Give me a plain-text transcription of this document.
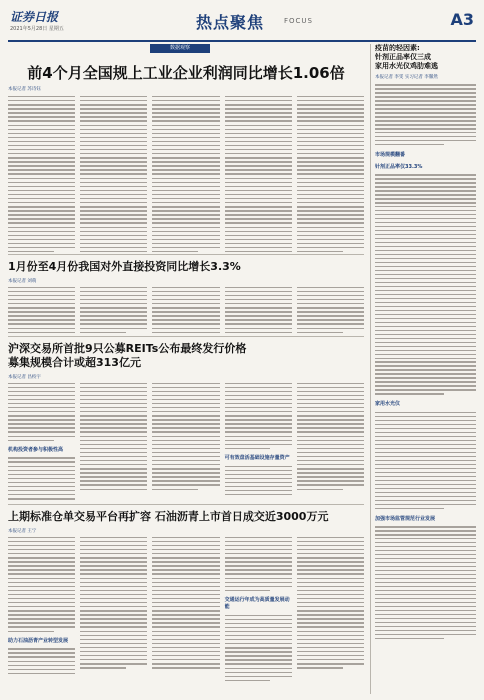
证券日报
2021年5月28日 星期五	热点聚焦	FOCUS	A3
数据观察
前4个月全国规上工业企业利润同比增长1.06倍
本报记者 苏诗钰
1月份至4月份我国对外直接投资同比增长3.3%
本报记者 刘萌
沪深交易所首批9只公募REITs公布最终发行价格
募集规模合计或超313亿元
本报记者 昌校宇
机构投资者参与积极性高
可有效盘活基础设施存量资产
上期标准仓单交易平台再扩容 石油沥青上市首日成交近3000万元
本报记者 王宁
助力石油沥青产业转型发展
交通运行年成为高质量发展动能
疫苗的轻因素:
针剂正品率仅三成
家用水光仪鸡肋难逃
本报记者 李雯 实习记者 李馨然
市场规模翻番
针剂正品率仅33.3%
家用水光仪
加强市场监管规范行业发展
